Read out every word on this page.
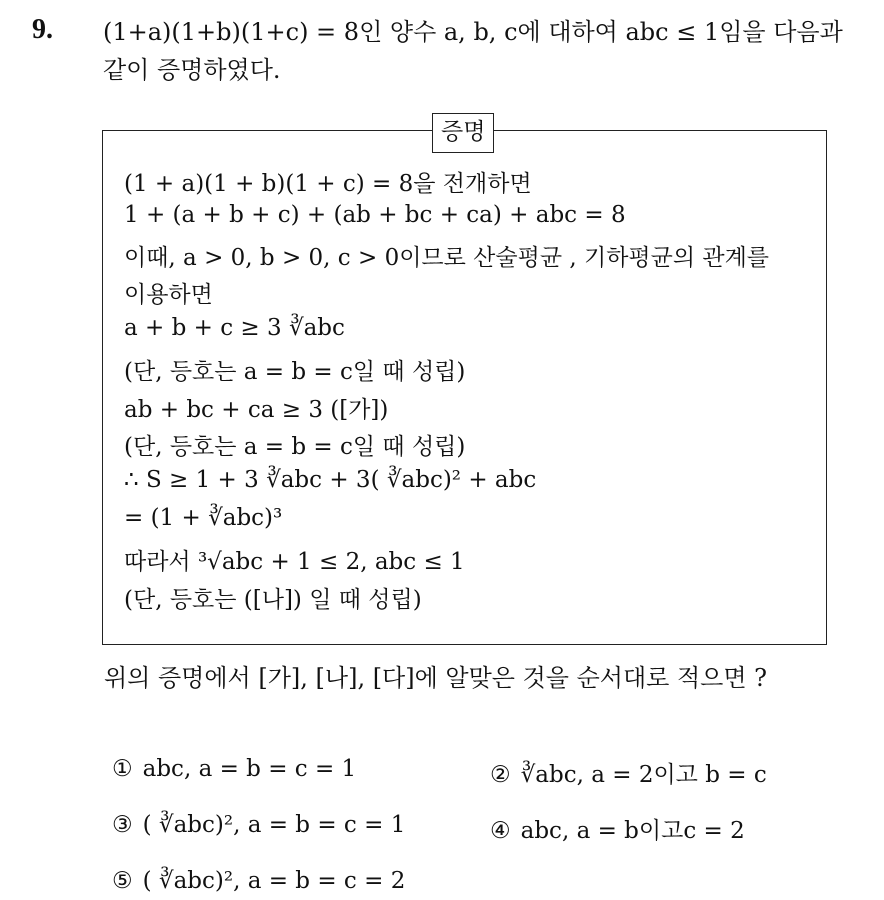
9. (1+a)(1+b)(1+c) = 8인 양수 a, b, c에 대하여 abc ≤ 1임을 다음과
같이 증명하였다.
증명
(1 + a)(1 + b)(1 + c) = 8을 전개하면
1 + (a + b + c) + (ab + bc + ca) + abc = 8
이때, a > 0, b > 0, c > 0이므로 산술평균 , 기하평균의 관계를
이용하면
a + b + c ≥ 3 ∛abc
(단, 등호는 a = b = c일 때 성립)
ab + bc + ca ≥ 3 ([가])
(단, 등호는 a = b = c일 때 성립)
∴ S ≥ 1 + 3 ∛abc + 3( ∛abc)² + abc
= (1 + ∛abc)³
따라서 ³√abc + 1 ≤ 2, abc ≤ 1
(단, 등호는 ([나]) 일 때 성립)
위의 증명에서 [가], [나], [다]에 알맞은 것을 순서대로 적으면 ?
① abc, a = b = c = 1	② ∛abc, a = 2이고 b = c
③ ( ∛abc)², a = b = c = 1	④ abc, a = b이고c = 2
⑤ ( ∛abc)², a = b = c = 2
